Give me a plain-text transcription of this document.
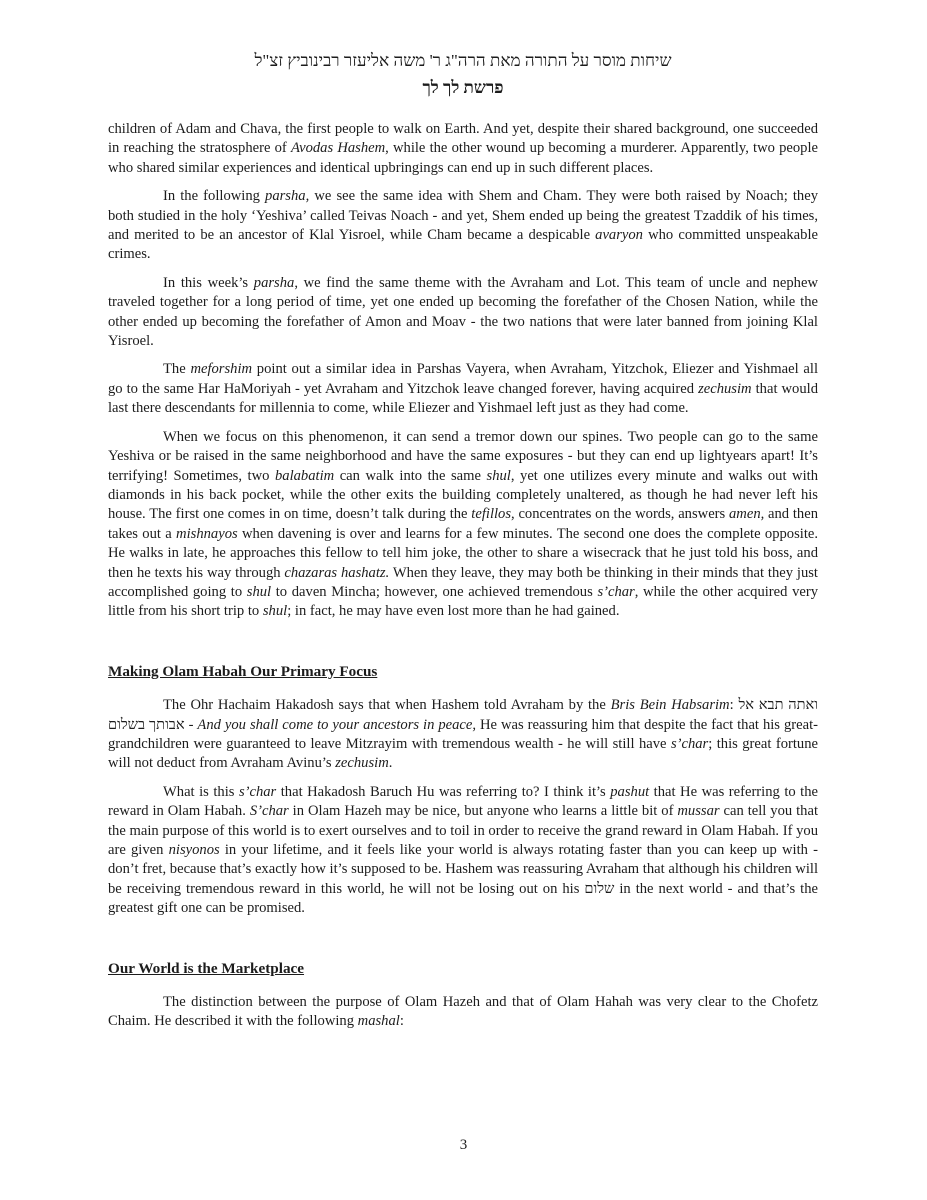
שיחות מוסר על התורה מאת הרה"ג ר' משה אליעזר רבינוביץ זצ"ל
פרשת לך לך

children of Adam and Chava, the first people to walk on Earth. And yet, despite their shared background, one succeeded in reaching the stratosphere of Avodas Hashem, while the other wound up becoming a murderer. Apparently, two people who shared similar experiences and identical upbringings can end up in such different places.

In the following parsha, we see the same idea with Shem and Cham. They were both raised by Noach; they both studied in the holy ‘Yeshiva’ called Teivas Noach - and yet, Shem ended up being the greatest Tzaddik of his times, and merited to be an ancestor of Klal Yisroel, while Cham became a despicable avaryon who committed unspeakable crimes.

In this week’s parsha, we find the same theme with the Avraham and Lot. This team of uncle and nephew traveled together for a long period of time, yet one ended up becoming the forefather of the Chosen Nation, while the other ended up becoming the forefather of Amon and Moav - the two nations that were later banned from joining Klal Yisroel.

The meforshim point out a similar idea in Parshas Vayera, when Avraham, Yitzchok, Eliezer and Yishmael all go to the same Har HaMoriyah - yet Avraham and Yitzchok leave changed forever, having acquired zechusim that would last there descendants for millennia to come, while Eliezer and Yishmael left just as they had come.

When we focus on this phenomenon, it can send a tremor down our spines. Two people can go to the same Yeshiva or be raised in the same neighborhood and have the same exposures - but they can end up lightyears apart! It’s terrifying! Sometimes, two balabatim can walk into the same shul, yet one utilizes every minute and walks out with diamonds in his back pocket, while the other exits the building completely unaltered, as though he had never left his house. The first one comes in on time, doesn’t talk during the tefillos, concentrates on the words, answers amen, and then takes out a mishnayos when davening is over and learns for a few minutes. The second one does the complete opposite. He walks in late, he approaches this fellow to tell him joke, the other to share a wisecrack that he just told his boss, and then he texts his way through chazaras hashatz. When they leave, they may both be thinking in their minds that they just accomplished going to shul to daven Mincha; however, one achieved tremendous s’char, while the other acquired very little from his short trip to shul; in fact, he may have even lost more than he had gained.

Making Olam Habah Our Primary Focus

The Ohr Hachaim Hakadosh says that when Hashem told Avraham by the Bris Bein Habsarim: ואתה תבא אל אבותך בשלום - And you shall come to your ancestors in peace, He was reassuring him that despite the fact that his great-grandchildren were guaranteed to leave Mitzrayim with tremendous wealth - he will still have s’char; this great fortune will not deduct from Avraham Avinu’s zechusim.

What is this s’char that Hakadosh Baruch Hu was referring to? I think it’s pashut that He was referring to the reward in Olam Habah. S’char in Olam Hazeh may be nice, but anyone who learns a little bit of mussar can tell you that the main purpose of this world is to exert ourselves and to toil in order to receive the grand reward in Olam Habah. If you are given nisyonos in your lifetime, and it feels like your world is always rotating faster than you can keep up with - don’t fret, because that’s exactly how it’s supposed to be. Hashem was reassuring Avraham that although his children will be receiving tremendous reward in this world, he will not be losing out on his שלום in the next world - and that’s the greatest gift one can be promised.

Our World is the Marketplace

The distinction between the purpose of Olam Hazeh and that of Olam Hahah was very clear to the Chofetz Chaim. He described it with the following mashal:

3
